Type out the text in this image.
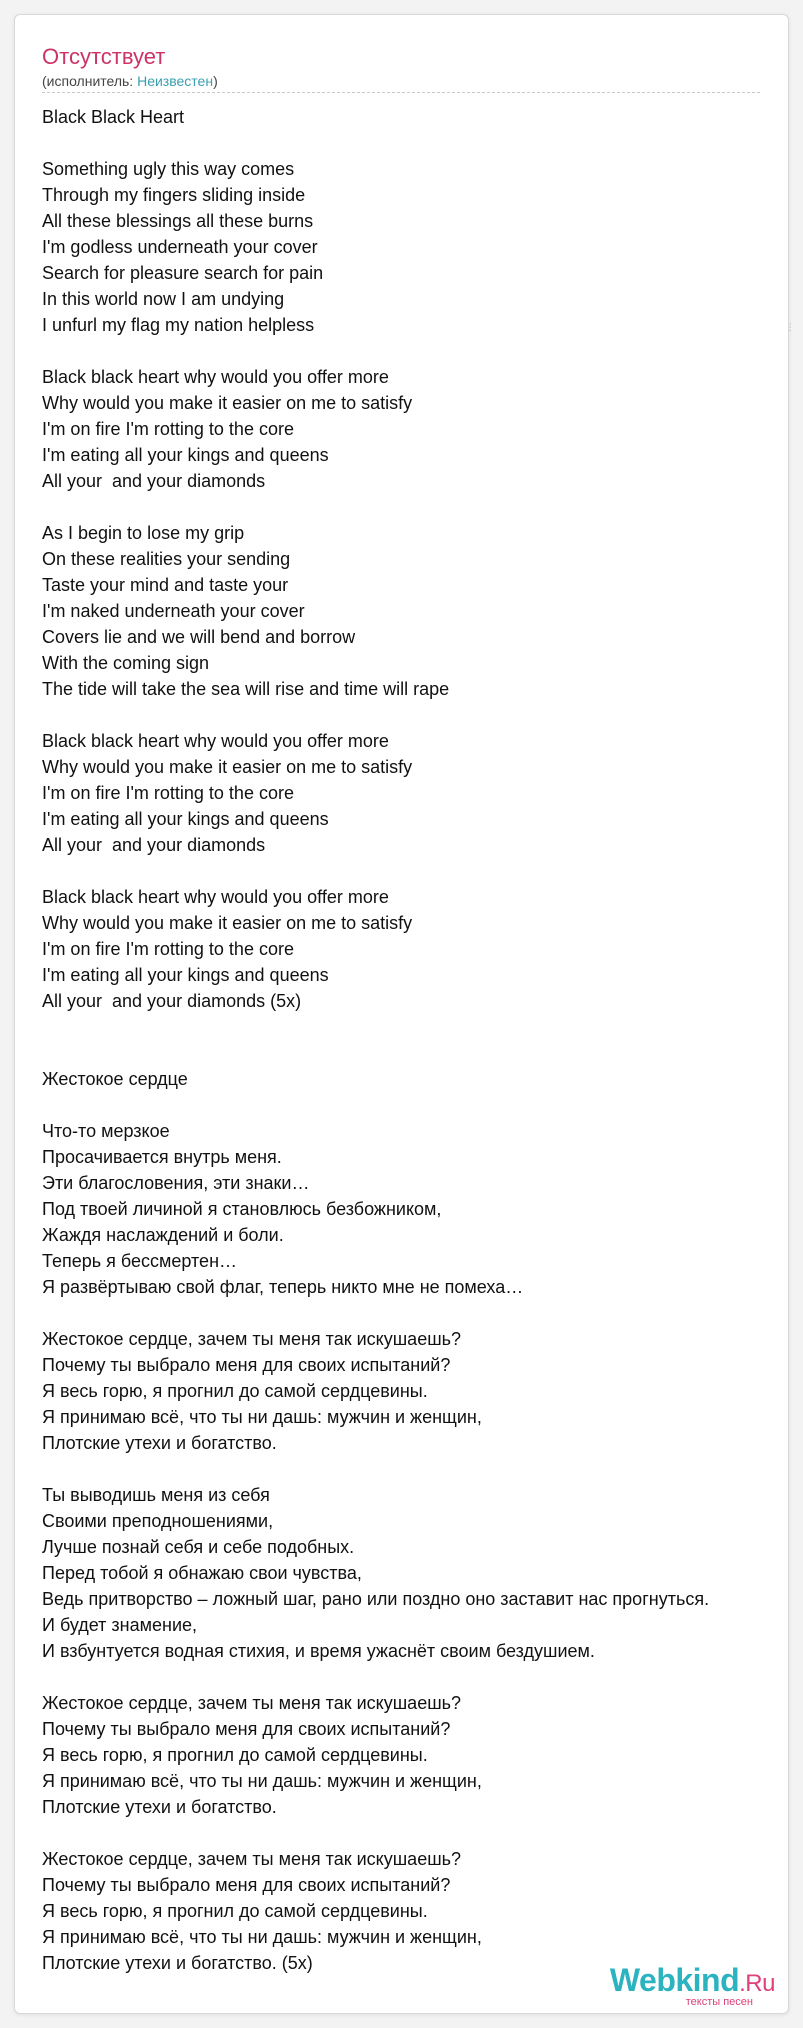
Отсутствует
(исполнитель: Неизвестен)
⁝
Black Black Heart
Something ugly this way comes
Through my fingers sliding inside
All these blessings all these burns
I'm godless underneath your cover
Search for pleasure search for pain
In this world now I am undying
I unfurl my flag my nation helpless
Black black heart why would you offer more
Why would you make it easier on me to satisfy
I'm on fire I'm rotting to the core
I'm eating all your kings and queens
All your  and your diamonds
As I begin to lose my grip
On these realities your sending
Taste your mind and taste your
I'm naked underneath your cover
Covers lie and we will bend and borrow
With the coming sign
The tide will take the sea will rise and time will rape
Black black heart why would you offer more
Why would you make it easier on me to satisfy
I'm on fire I'm rotting to the core
I'm eating all your kings and queens
All your  and your diamonds
Black black heart why would you offer more
Why would you make it easier on me to satisfy
I'm on fire I'm rotting to the core
I'm eating all your kings and queens
All your  and your diamonds (5x)
Жестокое сердце
Что-то мерзкое
Просачивается внутрь меня.
Эти благословения, эти знаки…
Под твоей личиной я становлюсь безбожником,
Жаждя наслаждений и боли.
Теперь я бессмертен…
Я развёртываю свой флаг, теперь никто мне не помеха…
Жестокое сердце, зачем ты меня так искушаешь?
Почему ты выбрало меня для своих испытаний?
Я весь горю, я прогнил до самой сердцевины.
Я принимаю всё, что ты ни дашь: мужчин и женщин,
Плотские утехи и богатство.
Ты выводишь меня из себя
Своими преподношениями,
Лучше познай себя и себе подобных.
Перед тобой я обнажаю свои чувства,
Ведь притворство – ложный шаг, рано или поздно оно заставит нас прогнуться.
И будет знамение,
И взбунтуется водная стихия, и время ужаснёт своим бездушием.
Жестокое сердце, зачем ты меня так искушаешь?
Почему ты выбрало меня для своих испытаний?
Я весь горю, я прогнил до самой сердцевины.
Я принимаю всё, что ты ни дашь: мужчин и женщин,
Плотские утехи и богатство.
Жестокое сердце, зачем ты меня так искушаешь?
Почему ты выбрало меня для своих испытаний?
Я весь горю, я прогнил до самой сердцевины.
Я принимаю всё, что ты ни дашь: мужчин и женщин,
Плотские утехи и богатство. (5x)	Webkind.Ru
тексты песен
